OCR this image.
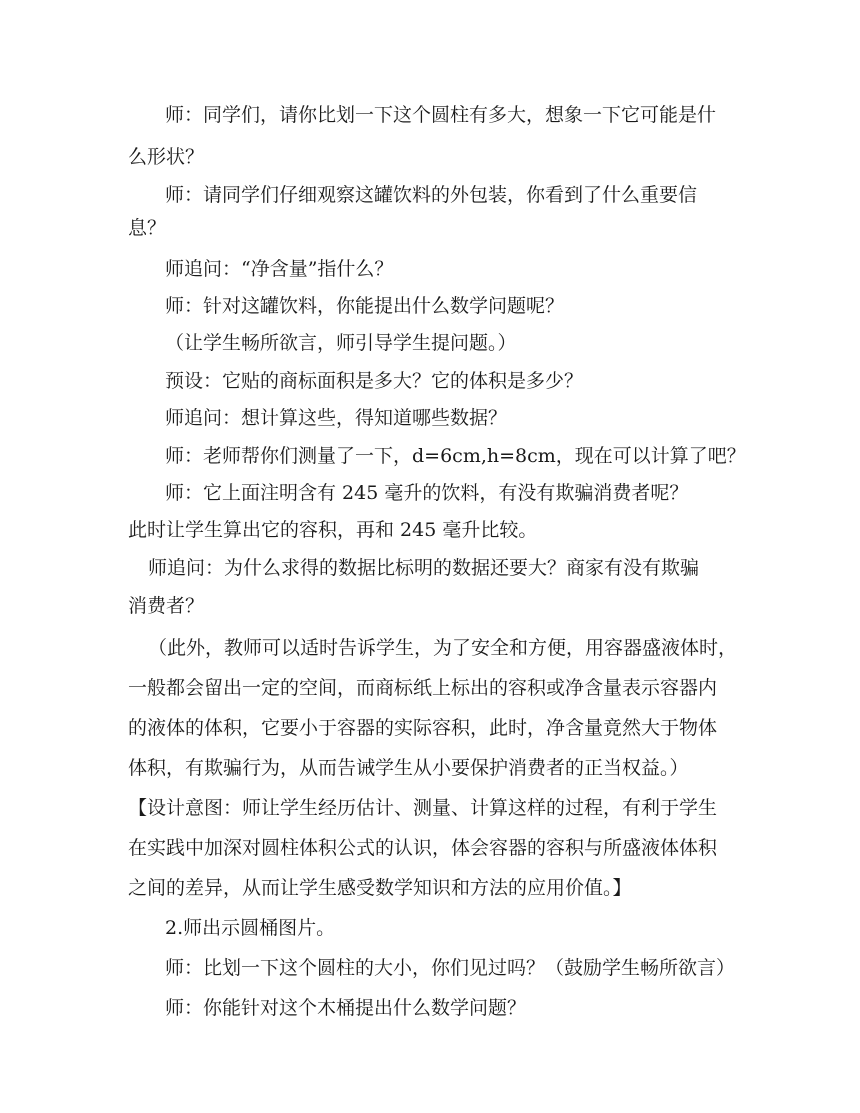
师：同学们，请你比划一下这个圆柱有多大，想象一下它可能是什
么形状？
师：请同学们仔细观察这罐饮料的外包装，你看到了什么重要信
息？
师追问：“净含量”指什么？
师：针对这罐饮料，你能提出什么数学问题呢？
（让学生畅所欲言，师引导学生提问题。）
预设：它贴的商标面积是多大？它的体积是多少？
师追问：想计算这些，得知道哪些数据？
师：老师帮你们测量了一下，d=6cm,h=8cm，现在可以计算了吧？
师：它上面注明含有 245 毫升的饮料，有没有欺骗消费者呢？
此时让学生算出它的容积，再和 245 毫升比较。
师追问：为什么求得的数据比标明的数据还要大？商家有没有欺骗
消费者？
（此外，教师可以适时告诉学生，为了安全和方便，用容器盛液体时，
一般都会留出一定的空间，而商标纸上标出的容积或净含量表示容器内
的液体的体积，它要小于容器的实际容积，此时，净含量竟然大于物体
体积，有欺骗行为，从而告诫学生从小要保护消费者的正当权益。）
【设计意图：师让学生经历估计、测量、计算这样的过程，有利于学生
在实践中加深对圆柱体积公式的认识，体会容器的容积与所盛液体体积
之间的差异，从而让学生感受数学知识和方法的应用价值。】
2.师出示圆桶图片。
师：比划一下这个圆柱的大小，你们见过吗？（鼓励学生畅所欲言）
师：你能针对这个木桶提出什么数学问题？
